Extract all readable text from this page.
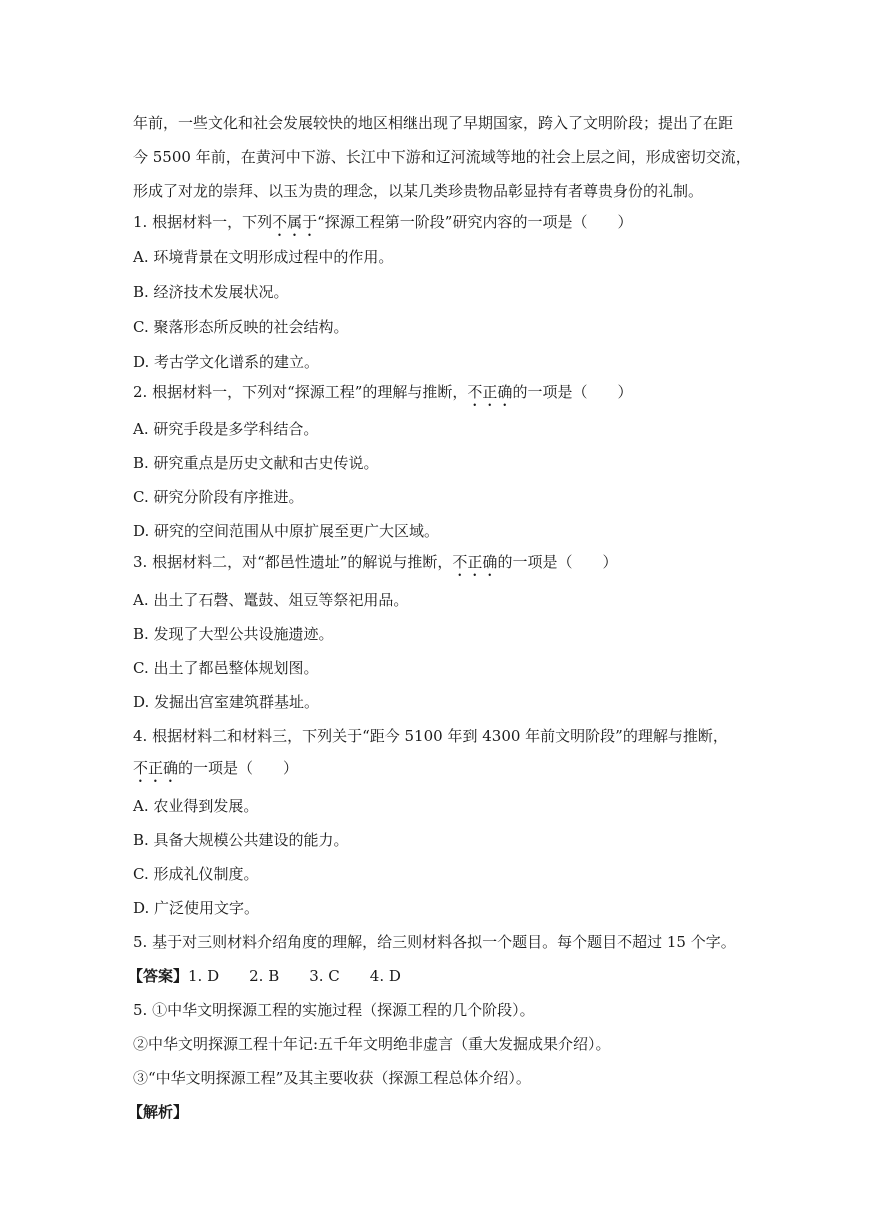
年前，一些文化和社会发展较快的地区相继出现了早期国家，跨入了文明阶段；提出了在距
今 5500 年前，在黄河中下游、长江中下游和辽河流域等地的社会上层之间，形成密切交流，
形成了对龙的崇拜、以玉为贵的理念，以某几类珍贵物品彰显持有者尊贵身份的礼制。
1. 根据材料一，下列不属于“探源工程第一阶段”研究内容的一项是（　　）
A. 环境背景在文明形成过程中的作用。
B. 经济技术发展状况。
C. 聚落形态所反映的社会结构。
D. 考古学文化谱系的建立。
2. 根据材料一，下列对“探源工程”的理解与推断，不正确的一项是（　　）
A. 研究手段是多学科结合。
B. 研究重点是历史文献和古史传说。
C. 研究分阶段有序推进。
D. 研究的空间范围从中原扩展至更广大区域。
3. 根据材料二，对“都邑性遗址”的解说与推断，不正确的一项是（　　）
A. 出土了石磬、鼍鼓、俎豆等祭祀用品。
B. 发现了大型公共设施遗迹。
C. 出土了都邑整体规划图。
D. 发掘出宫室建筑群基址。
4. 根据材料二和材料三，下列关于“距今 5100 年到 4300 年前文明阶段”的理解与推断，
不正确的一项是（　　）
A. 农业得到发展。
B. 具备大规模公共建设的能力。
C. 形成礼仪制度。
D. 广泛使用文字。
5. 基于对三则材料介绍角度的理解，给三则材料各拟一个题目。每个题目不超过 15 个字。
【答案】1. D　　2. B　　3. C　　4. D
5. ①中华文明探源工程的实施过程（探源工程的几个阶段）。
②中华文明探源工程十年记:五千年文明绝非虚言（重大发掘成果介绍）。
③“中华文明探源工程”及其主要收获（探源工程总体介绍）。
【解析】
